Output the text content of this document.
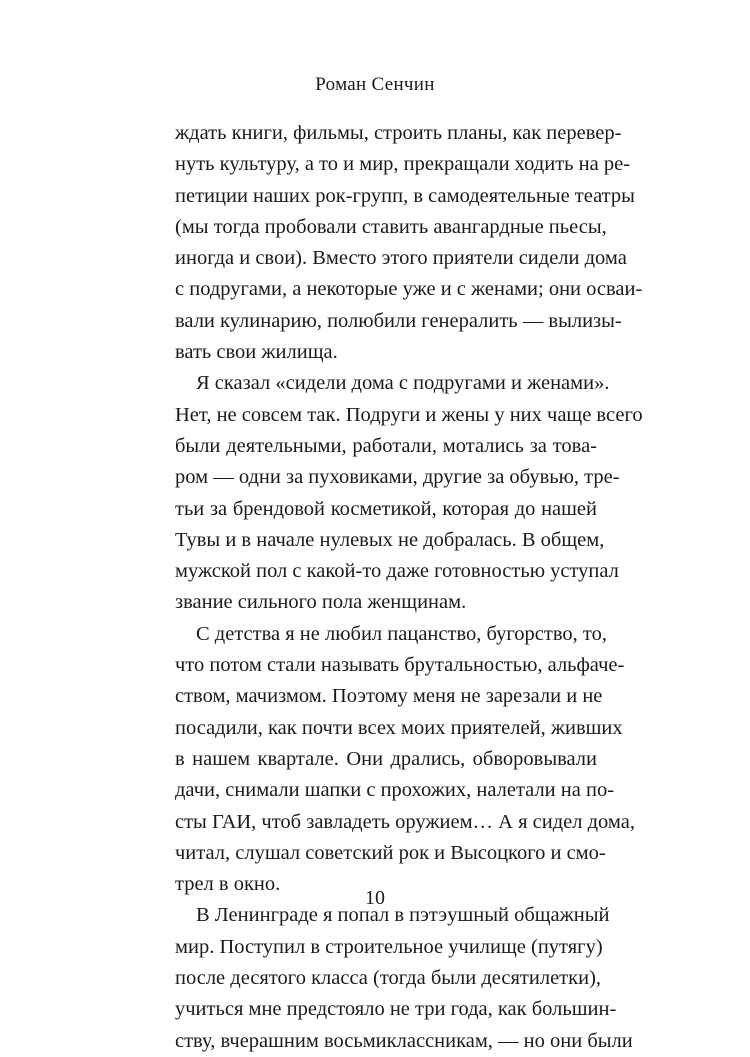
Роман Сенчин
ждать книги, фильмы, строить планы, как перевер-
нуть культуру, а то и мир, прекращали ходить на ре-
петиции наших рок-групп, в самодеятельные театры
(мы тогда пробовали ставить авангардные пьесы,
иногда и свои). Вместо этого приятели сидели дома
с подругами, а некоторые уже и с женами; они осваи-
вали кулинарию, полюбили генералить — вылизы-
вать свои жилища.
Я сказал «сидели дома с подругами и женами».
Нет, не совсем так. Подруги и жены у них чаще всего
были деятельными, работали, мотались за това-
ром — одни за пуховиками, другие за обувью, тре-
тьи за брендовой косметикой, которая до нашей
Тувы и в начале нулевых не добралась. В общем,
мужской пол с какой-то даже готовностью уступал
звание сильного пола женщинам.
С детства я не любил пацанство, бугорство, то,
что потом стали называть брутальностью, альфаче-
ством, мачизмом. Поэтому меня не зарезали и не
посадили, как почти всех моих приятелей, живших
в нашем квартале. Они дрались, обворовывали
дачи, снимали шапки с прохожих, налетали на по-
сты ГАИ, чтоб завладеть оружием… А я сидел дома,
читал, слушал советский рок и Высоцкого и смо-
трел в окно.
В Ленинграде я попал в пэтэушный общажный
мир. Поступил в строительное училище (путягу)
после десятого класса (тогда были десятилетки),
учиться мне предстояло не три года, как большин-
ству, вчерашним восьмиклассникам, — но они были
10
